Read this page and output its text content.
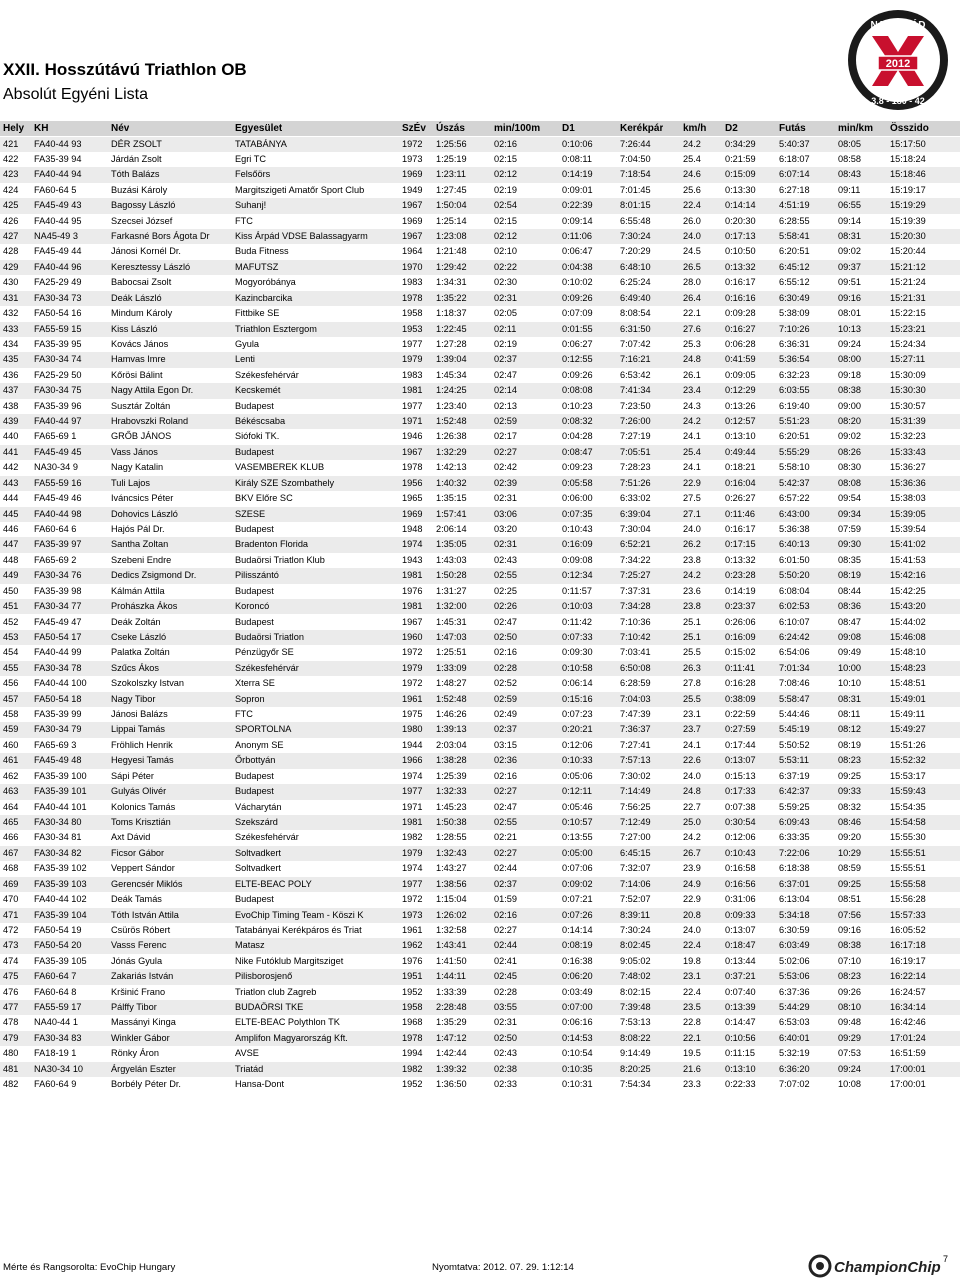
XXII. Hosszútávú Triathlon OB
Absolút Egyéni Lista
2012
NAGYATÁD
3.8 - 180 - 42
Hely KH	Név	Egyesület	SzÉv Úszás	min/100m D1	Kerékpár km/h D2	Futás	min/km Összido
421	FA40-44 93	DÉR ZSOLT	TATABÁNYA	1972	1:25:56	02:16	0:10:06	7:26:44	24.2	0:34:29	5:40:37	08:05	15:17:50
422	FA35-39 94	Járdán Zsolt	Egri TC	1973	1:25:19	02:15	0:08:11	7:04:50	25.4	0:21:59	6:18:07	08:58	15:18:24
423	FA40-44 94	Tóth Balázs	Felsőörs	1969	1:23:11	02:12	0:14:19	7:18:54	24.6	0:15:09	6:07:14	08:43	15:18:46
424	FA60-64 5	Buzási Károly	Margitszigeti Amatőr Sport Club	1949	1:27:45	02:19	0:09:01	7:01:45	25.6	0:13:30	6:27:18	09:11	15:19:17
425	FA45-49 43	Bagossy László	Suhanj!	1967	1:50:04	02:54	0:22:39	8:01:15	22.4	0:14:14	4:51:19	06:55	15:19:29
426	FA40-44 95	Szecsei József	FTC	1969	1:25:14	02:15	0:09:14	6:55:48	26.0	0:20:30	6:28:55	09:14	15:19:39
427	NA45-49 3	Farkasné Bors Ágota Dr	Kiss Árpád VDSE Balassagyarm	1967	1:23:08	02:12	0:11:06	7:30:24	24.0	0:17:13	5:58:41	08:31	15:20:30
428	FA45-49 44	Jánosi Kornél Dr.	Buda Fitness	1964	1:21:48	02:10	0:06:47	7:20:29	24.5	0:10:50	6:20:51	09:02	15:20:44
429	FA40-44 96	Keresztessy László	MAFUTSZ	1970	1:29:42	02:22	0:04:38	6:48:10	26.5	0:13:32	6:45:12	09:37	15:21:12
430	FA25-29 49	Babocsai Zsolt	Mogyoróbánya	1983	1:34:31	02:30	0:10:02	6:25:24	28.0	0:16:17	6:55:12	09:51	15:21:24
431	FA30-34 73	Deák László	Kazincbarcika	1978	1:35:22	02:31	0:09:26	6:49:40	26.4	0:16:16	6:30:49	09:16	15:21:31
432	FA50-54 16	Mindum Károly	Fittbike SE	1958	1:18:37	02:05	0:07:09	8:08:54	22.1	0:09:28	5:38:09	08:01	15:22:15
433	FA55-59 15	Kiss László	Triathlon Esztergom	1953	1:22:45	02:11	0:01:55	6:31:50	27.6	0:16:27	7:10:26	10:13	15:23:21
434	FA35-39 95	Kovács János	Gyula	1977	1:27:28	02:19	0:06:27	7:07:42	25.3	0:06:28	6:36:31	09:24	15:24:34
435	FA30-34 74	Hamvas Imre	Lenti	1979	1:39:04	02:37	0:12:55	7:16:21	24.8	0:41:59	5:36:54	08:00	15:27:11
436	FA25-29 50	Kőrösi Bálint	Székesfehérvár	1983	1:45:34	02:47	0:09:26	6:53:42	26.1	0:09:05	6:32:23	09:18	15:30:09
437	FA30-34 75	Nagy Attila Egon Dr.	Kecskemét	1981	1:24:25	02:14	0:08:08	7:41:34	23.4	0:12:29	6:03:55	08:38	15:30:30
438	FA35-39 96	Susztár Zoltán	Budapest	1977	1:23:40	02:13	0:10:23	7:23:50	24.3	0:13:26	6:19:40	09:00	15:30:57
439	FA40-44 97	Hrabovszki Roland	Békéscsaba	1971	1:52:48	02:59	0:08:32	7:26:00	24.2	0:12:57	5:51:23	08:20	15:31:39
440	FA65-69 1	GRŐB JÁNOS	Siófoki TK.	1946	1:26:38	02:17	0:04:28	7:27:19	24.1	0:13:10	6:20:51	09:02	15:32:23
441	FA45-49 45	Vass János	Budapest	1967	1:32:29	02:27	0:08:47	7:05:51	25.4	0:49:44	5:55:29	08:26	15:33:43
442	NA30-34 9	Nagy Katalin	VASEMBEREK KLUB	1978	1:42:13	02:42	0:09:23	7:28:23	24.1	0:18:21	5:58:10	08:30	15:36:27
443	FA55-59 16	Tuli Lajos	Király SZE Szombathely	1956	1:40:32	02:39	0:05:58	7:51:26	22.9	0:16:04	5:42:37	08:08	15:36:36
444	FA45-49 46	Iváncsics Péter	BKV Előre SC	1965	1:35:15	02:31	0:06:00	6:33:02	27.5	0:26:27	6:57:22	09:54	15:38:03
445	FA40-44 98	Dohovics László	SZESE	1969	1:57:41	03:06	0:07:35	6:39:04	27.1	0:11:46	6:43:00	09:34	15:39:05
446	FA60-64 6	Hajós Pál Dr.	Budapest	1948	2:06:14	03:20	0:10:43	7:30:04	24.0	0:16:17	5:36:38	07:59	15:39:54
447	FA35-39 97	Santha Zoltan	Bradenton Florida	1974	1:35:05	02:31	0:16:09	6:52:21	26.2	0:17:15	6:40:13	09:30	15:41:02
448	FA65-69 2	Szebeni Endre	Budaörsi Triatlon Klub	1943	1:43:03	02:43	0:09:08	7:34:22	23.8	0:13:32	6:01:50	08:35	15:41:53
449	FA30-34 76	Dedics Zsigmond Dr.	Pilisszántó	1981	1:50:28	02:55	0:12:34	7:25:27	24.2	0:23:28	5:50:20	08:19	15:42:16
450	FA35-39 98	Kálmán Attila	Budapest	1976	1:31:27	02:25	0:11:57	7:37:31	23.6	0:14:19	6:08:04	08:44	15:42:25
451	FA30-34 77	Prohászka Ákos	Koroncó	1981	1:32:00	02:26	0:10:03	7:34:28	23.8	0:23:37	6:02:53	08:36	15:43:20
452	FA45-49 47	Deák Zoltán	Budapest	1967	1:45:31	02:47	0:11:42	7:10:36	25.1	0:26:06	6:10:07	08:47	15:44:02
453	FA50-54 17	Cseke László	Budaörsi Triatlon	1960	1:47:03	02:50	0:07:33	7:10:42	25.1	0:16:09	6:24:42	09:08	15:46:08
454	FA40-44 99	Palatka Zoltán	Pénzügyőr SE	1972	1:25:51	02:16	0:09:30	7:03:41	25.5	0:15:02	6:54:06	09:49	15:48:10
455	FA30-34 78	Szűcs Ákos	Székesfehérvár	1979	1:33:09	02:28	0:10:58	6:50:08	26.3	0:11:41	7:01:34	10:00	15:48:23
456	FA40-44 100	Szokolszky Istvan	Xterra SE	1972	1:48:27	02:52	0:06:14	6:28:59	27.8	0:16:28	7:08:46	10:10	15:48:51
457	FA50-54 18	Nagy Tibor	Sopron	1961	1:52:48	02:59	0:15:16	7:04:03	25.5	0:38:09	5:58:47	08:31	15:49:01
458	FA35-39 99	Jánosi Balázs	FTC	1975	1:46:26	02:49	0:07:23	7:47:39	23.1	0:22:59	5:44:46	08:11	15:49:11
459	FA30-34 79	Lippai Tamás	SPORTOLNA	1980	1:39:13	02:37	0:20:21	7:36:37	23.7	0:27:59	5:45:19	08:12	15:49:27
460	FA65-69 3	Fröhlich Henrik	Anonym SE	1944	2:03:04	03:15	0:12:06	7:27:41	24.1	0:17:44	5:50:52	08:19	15:51:26
461	FA45-49 48	Hegyesi Tamás	Őrbottyán	1966	1:38:28	02:36	0:10:33	7:57:13	22.6	0:13:07	5:53:11	08:23	15:52:32
462	FA35-39 100	Sápi Péter	Budapest	1974	1:25:39	02:16	0:05:06	7:30:02	24.0	0:15:13	6:37:19	09:25	15:53:17
463	FA35-39 101	Gulyás Olivér	Budapest	1977	1:32:33	02:27	0:12:11	7:14:49	24.8	0:17:33	6:42:37	09:33	15:59:43
464	FA40-44 101	Kolonics Tamás	Vácharytán	1971	1:45:23	02:47	0:05:46	7:56:25	22.7	0:07:38	5:59:25	08:32	15:54:35
465	FA30-34 80	Toms Krisztián	Szekszárd	1981	1:50:38	02:55	0:10:57	7:12:49	25.0	0:30:54	6:09:43	08:46	15:54:58
466	FA30-34 81	Axt Dávid	Székesfehérvár	1982	1:28:55	02:21	0:13:55	7:27:00	24.2	0:12:06	6:33:35	09:20	15:55:30
467	FA30-34 82	Ficsor Gábor	Soltvadkert	1979	1:32:43	02:27	0:05:00	6:45:15	26.7	0:10:43	7:22:06	10:29	15:55:51
468	FA35-39 102	Veppert Sándor	Soltvadkert	1974	1:43:27	02:44	0:07:06	7:32:07	23.9	0:16:58	6:18:38	08:59	15:55:51
469	FA35-39 103	Gerencsér Miklós	ELTE-BEAC POLY	1977	1:38:56	02:37	0:09:02	7:14:06	24.9	0:16:56	6:37:01	09:25	15:55:58
470	FA40-44 102	Deák Tamás	Budapest	1972	1:15:04	01:59	0:07:21	7:52:07	22.9	0:31:06	6:13:04	08:51	15:56:28
471	FA35-39 104	Tóth István Attila	EvoChip Timing Team - Köszi K	1973	1:26:02	02:16	0:07:26	8:39:11	20.8	0:09:33	5:34:18	07:56	15:57:33
472	FA50-54 19	Csürös Róbert	Tatabányai Kerékpáros és Triat	1961	1:32:58	02:27	0:14:14	7:30:24	24.0	0:13:07	6:30:59	09:16	16:05:52
473	FA50-54 20	Vasss Ferenc	Matasz	1962	1:43:41	02:44	0:08:19	8:02:45	22.4	0:18:47	6:03:49	08:38	16:17:18
474	FA35-39 105	Jónás Gyula	Nike Futóklub Margitsziget	1976	1:41:50	02:41	0:16:38	9:05:02	19.8	0:13:44	5:02:06	07:10	16:19:17
475	FA60-64 7	Zakariás István	Pilisborosjenő	1951	1:44:11	02:45	0:06:20	7:48:02	23.1	0:37:21	5:53:06	08:23	16:22:14
476	FA60-64 8	Kršinić Frano	Triatlon club Zagreb	1952	1:33:39	02:28	0:03:49	8:02:15	22.4	0:07:40	6:37:36	09:26	16:24:57
477	FA55-59 17	Pálffy Tibor	BUDAÖRSI TKE	1958	2:28:48	03:55	0:07:00	7:39:48	23.5	0:13:39	5:44:29	08:10	16:34:14
478	NA40-44 1	Massányi Kinga	ELTE-BEAC Polythlon TK	1968	1:35:29	02:31	0:06:16	7:53:13	22.8	0:14:47	6:53:03	09:48	16:42:46
479	FA30-34 83	Winkler Gábor	Amplifon Magyarország Kft.	1978	1:47:12	02:50	0:14:53	8:08:22	22.1	0:10:56	6:40:01	09:29	17:01:24
480	FA18-19 1	Rönky Áron	AVSE	1994	1:42:44	02:43	0:10:54	9:14:49	19.5	0:11:15	5:32:19	07:53	16:51:59
481	NA30-34 10	Árgyelán Eszter	Triatád	1982	1:39:32	02:38	0:10:35	8:20:25	21.6	0:13:10	6:36:20	09:24	17:00:01
482	FA60-64 9	Borbély Péter Dr.	Hansa-Dont	1952	1:36:50	02:33	0:10:31	7:54:34	23.3	0:22:33	7:07:02	10:08	17:00:01
Mérte és Rangsorolta: EvoChip Hungary	Nyomtatva: 2012. 07. 29. 1:12:14
7
ChampionChip
